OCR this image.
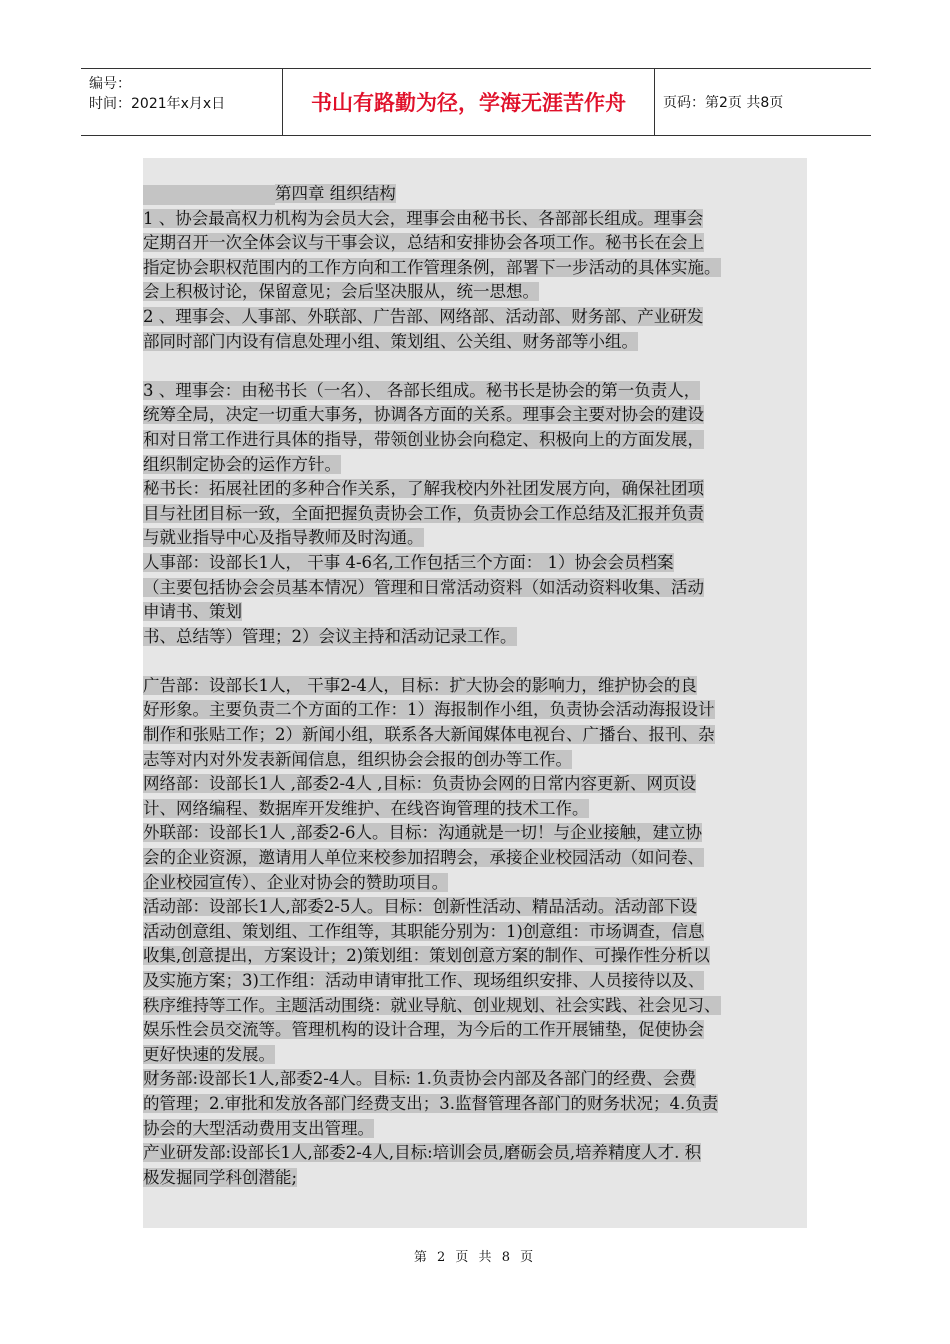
编号：
时间：2021年x月x日	书山有路勤为径，学海无涯苦作舟	页码：第2页 共8页
第四章 组织结构
1 、协会最高权力机构为会员大会，理事会由秘书长、各部部长组成。理事会
定期召开一次全体会议与干事会议，总结和安排协会各项工作。秘书长在会上
指定协会职权范围内的工作方向和工作管理条例，部署下一步活动的具体实施。
会上积极讨论，保留意见；会后坚决服从，统一思想。
2 、理事会、人事部、外联部、广告部、网络部、活动部、财务部、产业研发
部同时部门内设有信息处理小组、策划组、公关组、财务部等小组。
3 、理事会：由秘书长（一名）、 各部长组成。秘书长是协会的第一负责人，
统筹全局，决定一切重大事务，协调各方面的关系。理事会主要对协会的建设
和对日常工作进行具体的指导，带领创业协会向稳定、积极向上的方面发展，
组织制定协会的运作方针。
秘书长：拓展社团的多种合作关系，了解我校内外社团发展方向，确保社团项
目与社团目标一致，全面把握负责协会工作，负责协会工作总结及汇报并负责
与就业指导中心及指导教师及时沟通。
人事部：设部长1人， 干事 4-6名,工作包括三个方面： 1）协会会员档案
（主要包括协会会员基本情况）管理和日常活动资料（如活动资料收集、活动
申请书、策划
书、总结等）管理；2）会议主持和活动记录工作。
广告部：设部长1人， 干事2-4人，目标：扩大协会的影响力，维护协会的良
好形象。主要负责二个方面的工作：1）海报制作小组，负责协会活动海报设计
制作和张贴工作；2）新闻小组，联系各大新闻媒体电视台、广播台、报刊、杂
志等对内对外发表新闻信息，组织协会会报的创办等工作。
网络部：设部长1人 ,部委2-4人 ,目标：负责协会网的日常内容更新、网页设
计、网络编程、数据库开发维护、在线咨询管理的技术工作。
外联部：设部长1人 ,部委2-6人。目标：沟通就是一切！与企业接触，建立协
会的企业资源，邀请用人单位来校参加招聘会，承接企业校园活动（如问卷、
企业校园宣传）、企业对协会的赞助项目。
活动部：设部长1人,部委2-5人。目标：创新性活动、精品活动。活动部下设
活动创意组、策划组、工作组等，其职能分别为：1)创意组：市场调查，信息
收集,创意提出，方案设计；2)策划组：策划创意方案的制作、可操作性分析以
及实施方案；3)工作组：活动申请审批工作、现场组织安排、人员接待以及、
秩序维持等工作。主题活动围绕：就业导航、创业规划、社会实践、社会见习、
娱乐性会员交流等。管理机构的设计合理，为今后的工作开展铺垫，促使协会
更好快速的发展。
财务部:设部长1人,部委2-4人。目标: 1.负责协会内部及各部门的经费、会费
的管理；2.审批和发放各部门经费支出；3.监督管理各部门的财务状况；4.负责
协会的大型活动费用支出管理。
产业研发部:设部长1人,部委2-4人,目标:培训会员,磨砺会员,培养精度人才. 积
极发掘同学科创潜能;
第 2 页 共 8 页
